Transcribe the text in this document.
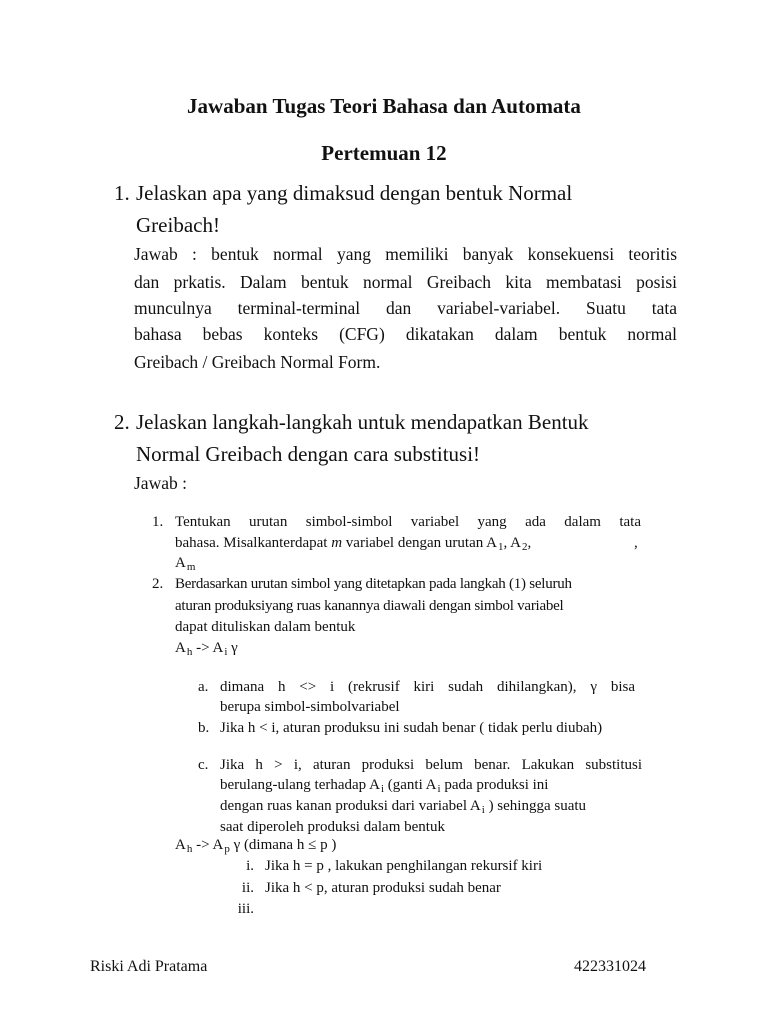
Jawaban Tugas Teori Bahasa dan Automata
Pertemuan 12
1. Jelaskan apa yang dimaksud dengan bentuk Normal
Greibach!
Jawab : bentuk normal yang memiliki banyak konsekuensi teoritis
dan prkatis. Dalam bentuk normal Greibach kita membatasi posisi
munculnya terminal-terminal dan variabel-variabel. Suatu tata
bahasa bebas konteks (CFG) dikatakan dalam bentuk normal
Greibach / Greibach Normal Form.
2. Jelaskan langkah-langkah untuk mendapatkan Bentuk
Normal Greibach dengan cara substitusi!
Jawab :
1. Tentukan urutan simbol-simbol variabel yang ada dalam tata
bahasa. Misalkanterdapat m variabel dengan urutan $A_1$, $A_2$,	,
$A_m$
2. Berdasarkan urutan simbol yang ditetapkan pada langkah (1) seluruh
aturan produksiyang ruas kanannya diawali dengan simbol variabel
dapat dituliskan dalam bentuk
$A_h -> A_i$ γ
a. dimana h <> i (rekrusif kiri sudah dihilangkan), γ bisa
berupa simbol-simbolvariabel
b. Jika h < i, aturan produksu ini sudah benar ( tidak perlu diubah)
c. Jika h > i, aturan produksi belum benar. Lakukan substitusi
berulang-ulang terhadap $A_i$ (ganti $A_i$ pada produksi ini
dengan ruas kanan produksi dari variabel $A_i$ ) sehingga suatu
saat diperoleh produksi dalam bentuk
$A_h -> A_p$ γ (dimana h ≤ p )
i. Jika h = p , lakukan penghilangan rekursif kiri
ii. Jika h < p, aturan produksi sudah benar
iii.
Riski Adi Pratama	422331024
